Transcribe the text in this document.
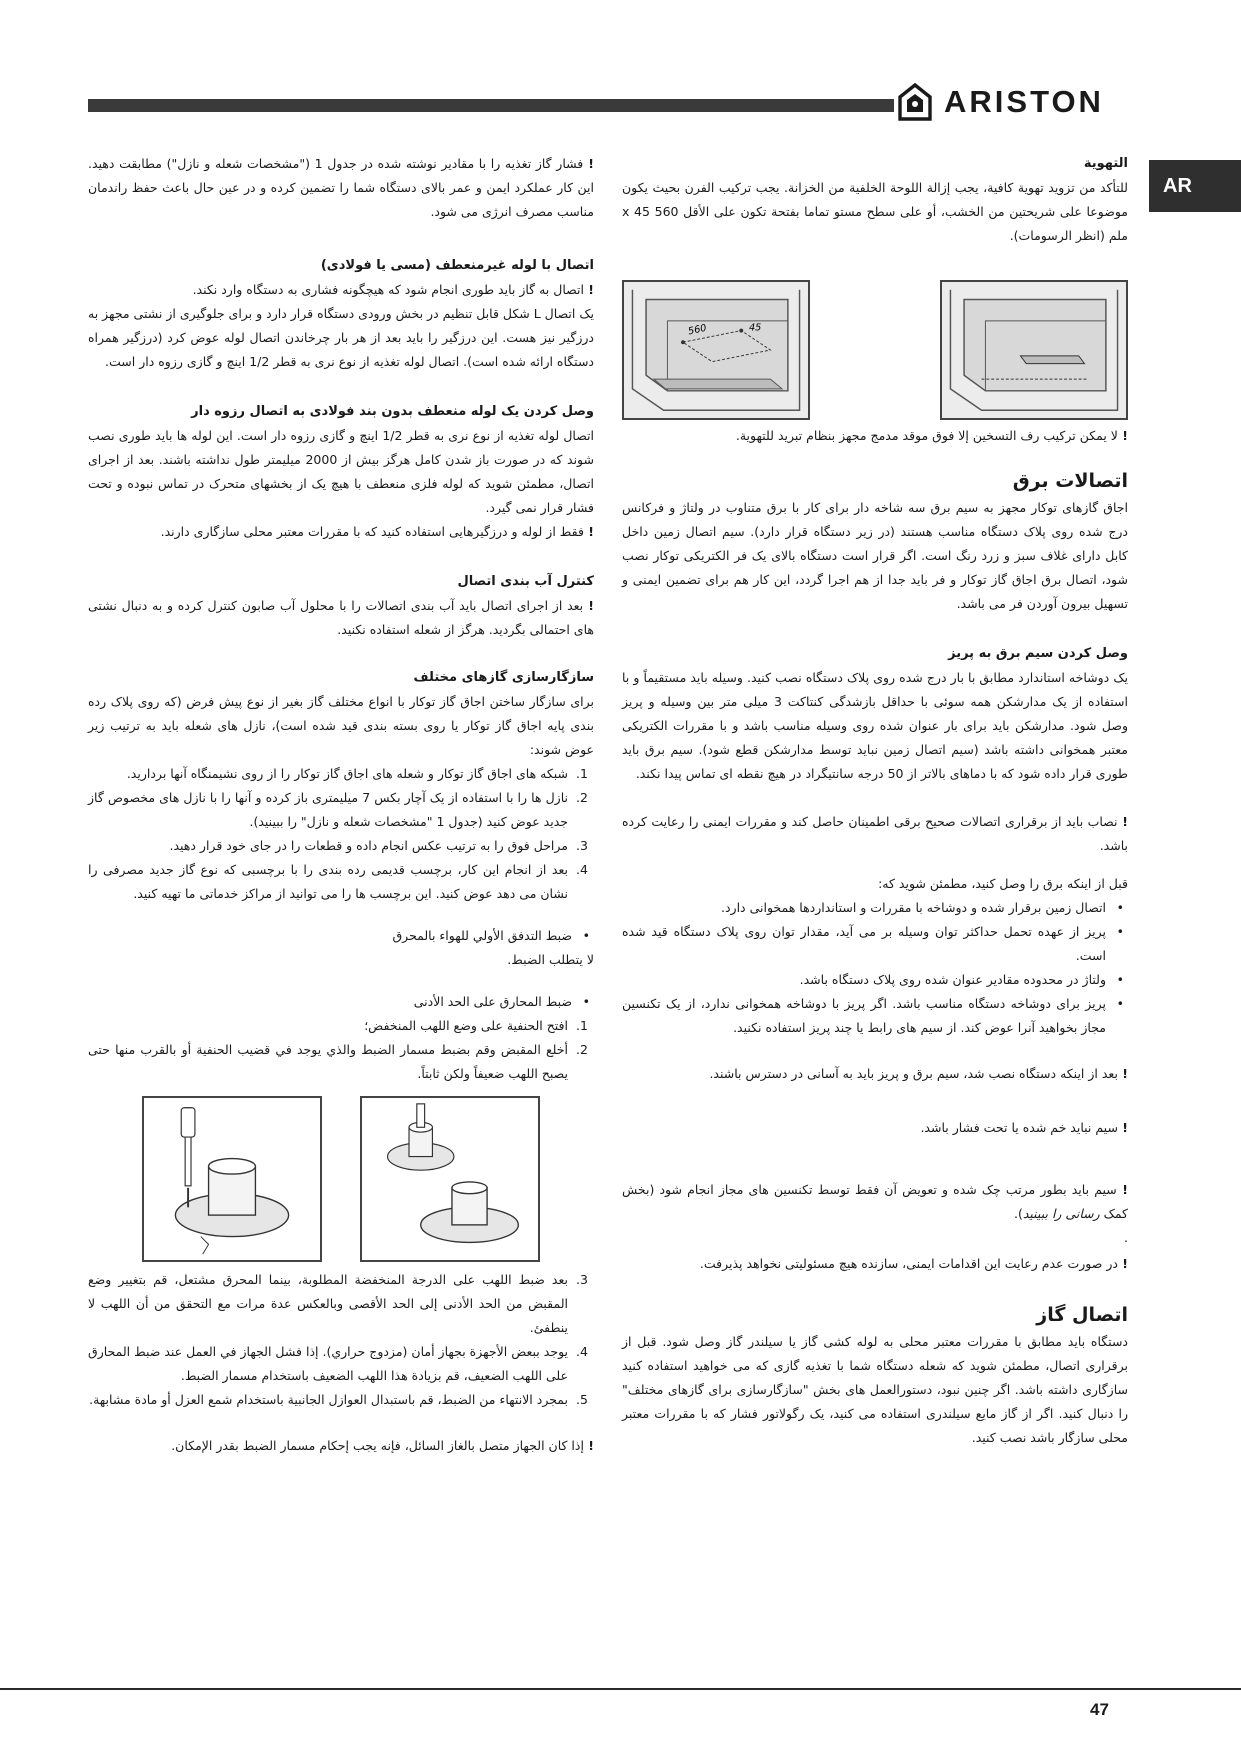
ARISTON
AR

التهوية

للتأكد من تزويد تهوية كافية، يجب إزالة اللوحة الخلفية من الخزانة. يجب تركيب الفرن بحيث يكون موضوعا على شريحتين من الخشب، أو على سطح مستو تماما بفتحة تكون على الأقل 560 x 45 ملم (انظر الرسومات).

560	45

! لا يمكن تركيب رف التسخين إلا فوق موقد مدمج مجهز بنظام تبريد للتهوية.

اتصالات برق

اجاق گازهای توکار مجهز به سیم برق سه شاخه دار برای کار با برق متناوب در ولتاژ و فرکانس درج شده روی پلاک دستگاه مناسب هستند (در زیر دستگاه قرار دارد). سیم اتصال زمین داخل کابل دارای غلاف سبز و زرد رنگ است. اگر قرار است دستگاه بالای یک فر الکتریکی توکار نصب شود، اتصال برق اجاق گاز توکار و فر باید جدا از هم اجرا گردد، این کار هم برای تضمین ایمنی و تسهیل بیرون آوردن فر می باشد.

وصل کردن سیم برق به پریز

یک دوشاخه استاندارد مطابق با بار درج شده روی پلاک دستگاه نصب کنید. وسیله باید مستقیماً و با استفاده از یک مدارشکن همه سوئی با حداقل بازشدگی کنتاکت 3 میلی متر بین وسیله و پریز وصل شود. مدارشکن باید برای بار عنوان شده روی وسیله مناسب باشد و با مقررات الکتریکی معتبر همخوانی داشته باشد (سیم اتصال زمین نباید توسط مدارشکن قطع شود). سیم برق باید طوری قرار داده شود که با دماهای بالاتر از 50 درجه سانتیگراد در هیچ نقطه ای تماس پیدا نکند.

! نصاب باید از برقراری اتصالات صحیح برقی اطمینان حاصل کند و مقررات ایمنی را رعایت کرده باشد.

قبل از اینکه برق را وصل کنید، مطمئن شوید که:

• اتصال زمین برقرار شده و دوشاخه با مقررات و استانداردها همخوانی دارد.
• پریز از عهده تحمل حداکثر توان وسیله بر می آید، مقدار توان روی پلاک دستگاه قید شده است.
• ولتاژ در محدوده مقادیر عنوان شده روی پلاک دستگاه باشد.
• پریز برای دوشاخه دستگاه مناسب باشد. اگر پریز با دوشاخه همخوانی ندارد، از یک تکنسین مجاز بخواهید آنرا عوض کند. از سیم های رابط یا چند پریز استفاده نکنید.

! بعد از اینکه دستگاه نصب شد، سیم برق و پریز باید به آسانی در دسترس باشند.

! سیم نباید خم شده یا تحت فشار باشد.

! سیم باید بطور مرتب چک شده و تعویض آن فقط توسط تکنسین های مجاز انجام شود (بخش کمک رسانی را ببینید).

.

! در صورت عدم رعایت این اقدامات ایمنی، سازنده هیچ مسئولیتی نخواهد پذیرفت.

اتصال گاز

دستگاه باید مطابق با مقررات معتبر محلی به لوله کشی گاز یا سیلندر گاز وصل شود. قبل از برقراری اتصال، مطمئن شوید که شعله دستگاه شما با تغذیه گازی که می خواهید استفاده کنید سازگاری داشته باشد. اگر چنین نبود، دستورالعمل های بخش "سازگارسازی برای گازهای مختلف" را دنبال کنید. اگر از گاز مایع سیلندری استفاده می کنید، یک رگولاتور فشار که با مقررات معتبر محلی سازگار باشد نصب کنید.

! فشار گاز تغذیه را با مقادیر نوشته شده در جدول 1 ("مشخصات شعله و نازل") مطابقت دهید. این کار عملکرد ایمن و عمر بالای دستگاه شما را تضمین کرده و در عین حال باعث حفظ راندمان مناسب مصرف انرژی می شود.

اتصال با لوله غیرمنعطف (مسی یا فولادی)

! اتصال به گاز باید طوری انجام شود که هیچگونه فشاری به دستگاه وارد نکند.

یک اتصال L شکل قابل تنظیم در بخش ورودی دستگاه قرار دارد و برای جلوگیری از نشتی مجهز به درزگیر نیز هست. این درزگیر را باید بعد از هر بار چرخاندن اتصال لوله عوض کرد (درزگیر همراه دستگاه ارائه شده است). اتصال لوله تغذیه از نوع نری به قطر 1/2 اینچ و گازی رزوه دار است.

وصل کردن یک لوله منعطف بدون بند فولادی به اتصال رزوه دار

اتصال لوله تغذیه از نوع نری به قطر 1/2 اینچ و گازی رزوه دار است. این لوله ها باید طوری نصب شوند که در صورت باز شدن کامل هرگز بیش از 2000 میلیمتر طول نداشته باشند. بعد از اجرای اتصال، مطمئن شوید که لوله فلزی منعطف با هیچ یک از بخشهای متحرک در تماس نبوده و تحت فشار قرار نمی گیرد.

! فقط از لوله و درزگیرهایی استفاده کنید که با مقررات معتبر محلی سازگاری دارند.

کنترل آب بندی اتصال

! بعد از اجرای اتصال باید آب بندی اتصالات را با محلول آب صابون کنترل کرده و به دنبال نشتی های احتمالی بگردید. هرگز از شعله استفاده نکنید.

سازگارسازی گازهای مختلف

برای سازگار ساختن اجاق گاز توکار با انواع مختلف گاز بغیر از نوع پیش فرض (که روی پلاک رده بندی پایه اجاق گاز توکار یا روی بسته بندی قید شده است)، نازل های شعله باید به ترتیب زیر عوض شوند:

1. شبکه های اجاق گاز توکار و شعله های اجاق گاز توکار را از روی نشیمنگاه آنها بردارید.
2. نازل ها را با استفاده از یک آچار بکس 7 میلیمتری باز کرده و آنها را با نازل های مخصوص گاز جدید عوض کنید (جدول 1 "مشخصات شعله و نازل" را ببینید).
3. مراحل فوق را به ترتیب عکس انجام داده و قطعات را در جای خود قرار دهید.
4. بعد از انجام این کار، برچسب قدیمی رده بندی را با برچسبی که نوع گاز جدید مصرفی را نشان می دهد عوض کنید. این برچسب ها را می توانید از مراکز خدماتی ما تهیه کنید.
• ضبط التدفق الأولي للهواء بالمحرق

لا يتطلب الضبط.

• ضبط المحارق على الحد الأدنى
1. افتح الحنفية على وضع اللهب المنخفض؛
2. أخلع المقبض وقم بضبط مسمار الضبط والذي يوجد في قضيب الحنفية أو بالقرب منها حتى يصبح اللهب ضعيفاً ولكن ثابتاً.
3. بعد ضبط اللهب على الدرجة المنخفضة المطلوبة، بينما المحرق مشتعل، قم بتغيير وضع المقبض من الحد الأدنى إلى الحد الأقصى وبالعكس عدة مرات مع التحقق من أن اللهب لا ينطفئ.
4. يوجد ببعض الأجهزة بجهاز أمان (مزدوج حراري). إذا فشل الجهاز في العمل عند ضبط المحارق على اللهب الضعيف، قم بزيادة هذا اللهب الضعيف باستخدام مسمار الضبط.
5. بمجرد الانتهاء من الضبط، قم باستبدال العوازل الجانبية باستخدام شمع العزل أو مادة مشابهة.

! إذا كان الجهاز متصل بالغاز السائل، فإنه يجب إحكام مسمار الضبط بقدر الإمكان.

47
